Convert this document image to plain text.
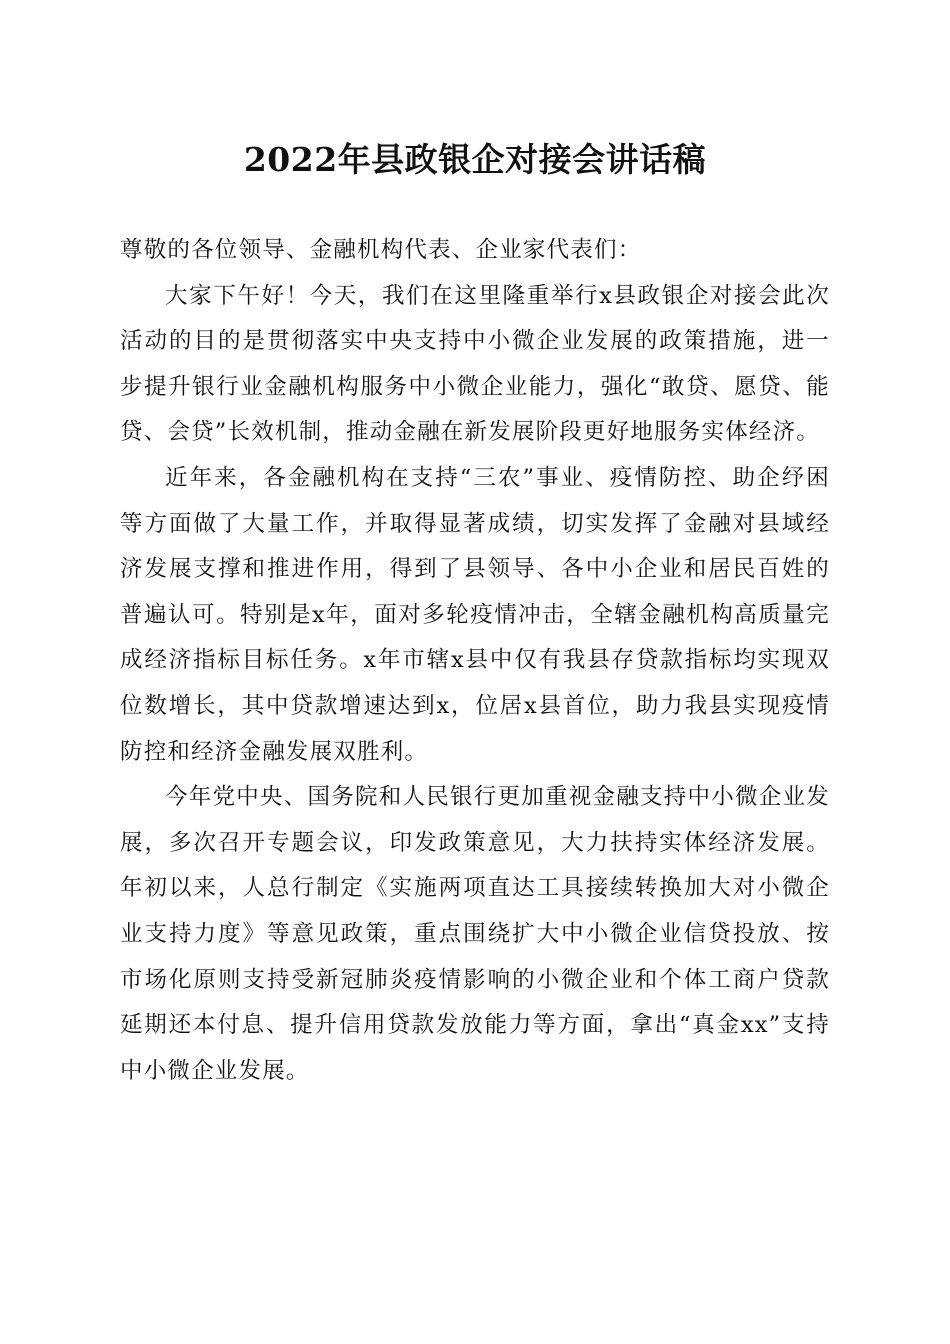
2022年县政银企对接会讲话稿

尊敬的各位领导、金融机构代表、企业家代表们：

大家下午好！今天，我们在这里隆重举行x县政银企对接会此次活动的目的是贯彻落实中央支持中小微企业发展的政策措施，进一步提升银行业金融机构服务中小微企业能力，强化“敢贷、愿贷、能贷、会贷”长效机制，推动金融在新发展阶段更好地服务实体经济。

近年来，各金融机构在支持“三农”事业、疫情防控、助企纾困等方面做了大量工作，并取得显著成绩，切实发挥了金融对县域经济发展支撑和推进作用，得到了县领导、各中小企业和居民百姓的普遍认可。特别是x年，面对多轮疫情冲击，全辖金融机构高质量完成经济指标目标任务。x年市辖x县中仅有我县存贷款指标均实现双位数增长，其中贷款增速达到x，位居x县首位，助力我县实现疫情防控和经济金融发展双胜利。

今年党中央、国务院和人民银行更加重视金融支持中小微企业发展，多次召开专题会议，印发政策意见，大力扶持实体经济发展。年初以来，人总行制定《实施两项直达工具接续转换加大对小微企业支持力度》等意见政策，重点围绕扩大中小微企业信贷投放、按市场化原则支持受新冠肺炎疫情影响的小微企业和个体工商户贷款延期还本付息、提升信用贷款发放能力等方面，拿出“真金xx”支持中小微企业发展。
